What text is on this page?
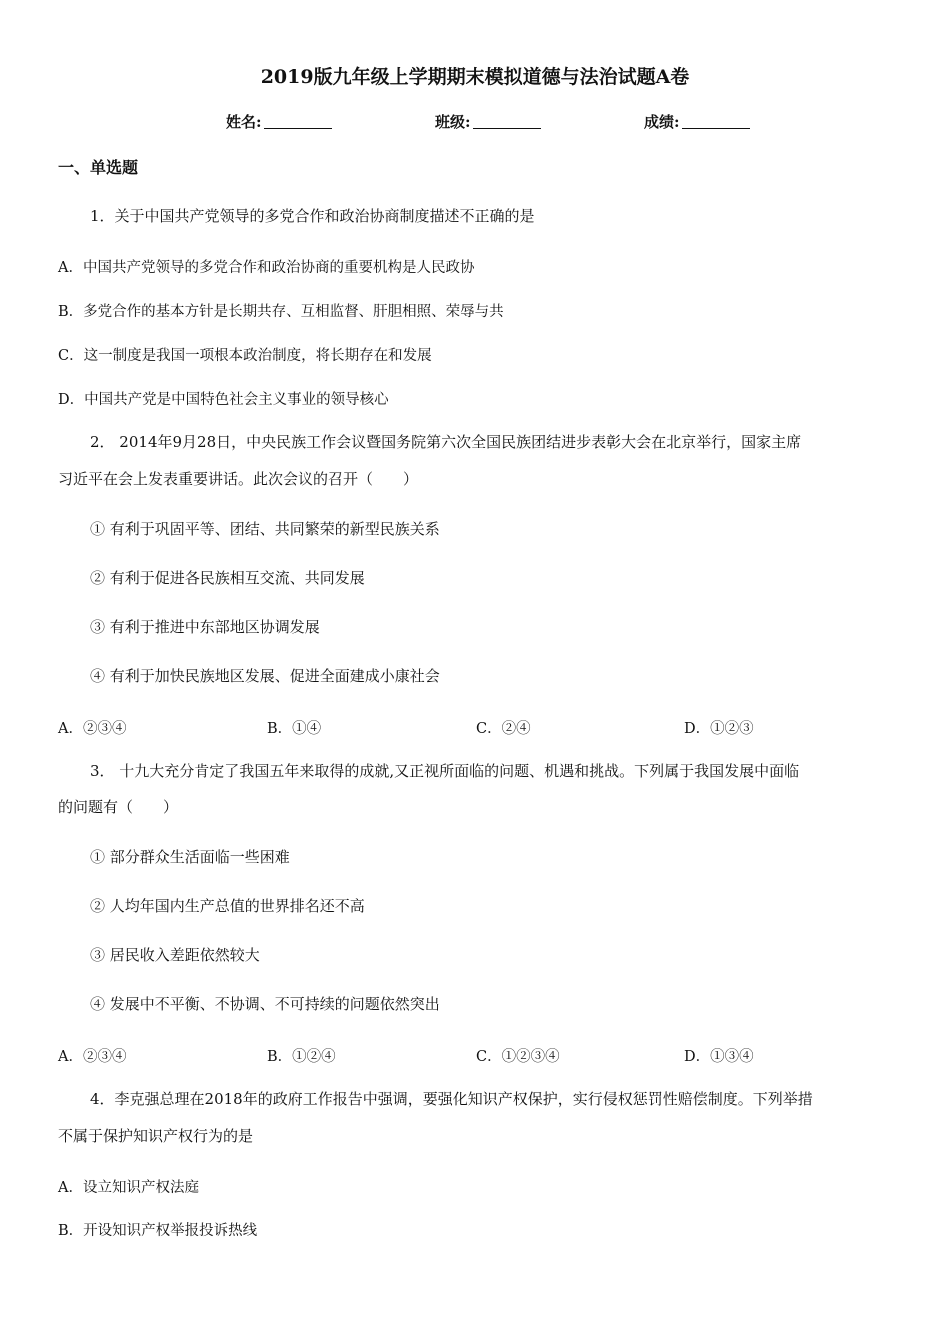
2019版九年级上学期期末模拟道德与法治试题A卷
姓名:	班级:	成绩:
一、单选题
1．关于中国共产党领导的多党合作和政治协商制度描述不正确的是
A．中国共产党领导的多党合作和政治协商的重要机构是人民政协
B．多党合作的基本方针是长期共存、互相监督、肝胆相照、荣辱与共
C．这一制度是我国一项根本政治制度，将长期存在和发展
D．中国共产党是中国特色社会主义事业的领导核心
2． 2014年9月28日，中央民族工作会议暨国务院第六次全国民族团结进步表彰大会在北京举行，国家主席
习近平在会上发表重要讲话。此次会议的召开（　　）
① 有利于巩固平等、团结、共同繁荣的新型民族关系
② 有利于促进各民族相互交流、共同发展
③ 有利于推进中东部地区协调发展
④ 有利于加快民族地区发展、促进全面建成小康社会
A．②③④	B．①④	C．②④	D．①②③
3． 十九大充分肯定了我国五年来取得的成就,又正视所面临的问题、机遇和挑战。下列属于我国发展中面临
的问题有（　　）
① 部分群众生活面临一些困难
② 人均年国内生产总值的世界排名还不高
③ 居民收入差距依然较大
④ 发展中不平衡、不协调、不可持续的问题依然突出
A．②③④	B．①②④	C．①②③④	D．①③④
4．李克强总理在2018年的政府工作报告中强调，要强化知识产权保护，实行侵权惩罚性赔偿制度。下列举措
不属于保护知识产权行为的是
A．设立知识产权法庭
B．开设知识产权举报投诉热线
